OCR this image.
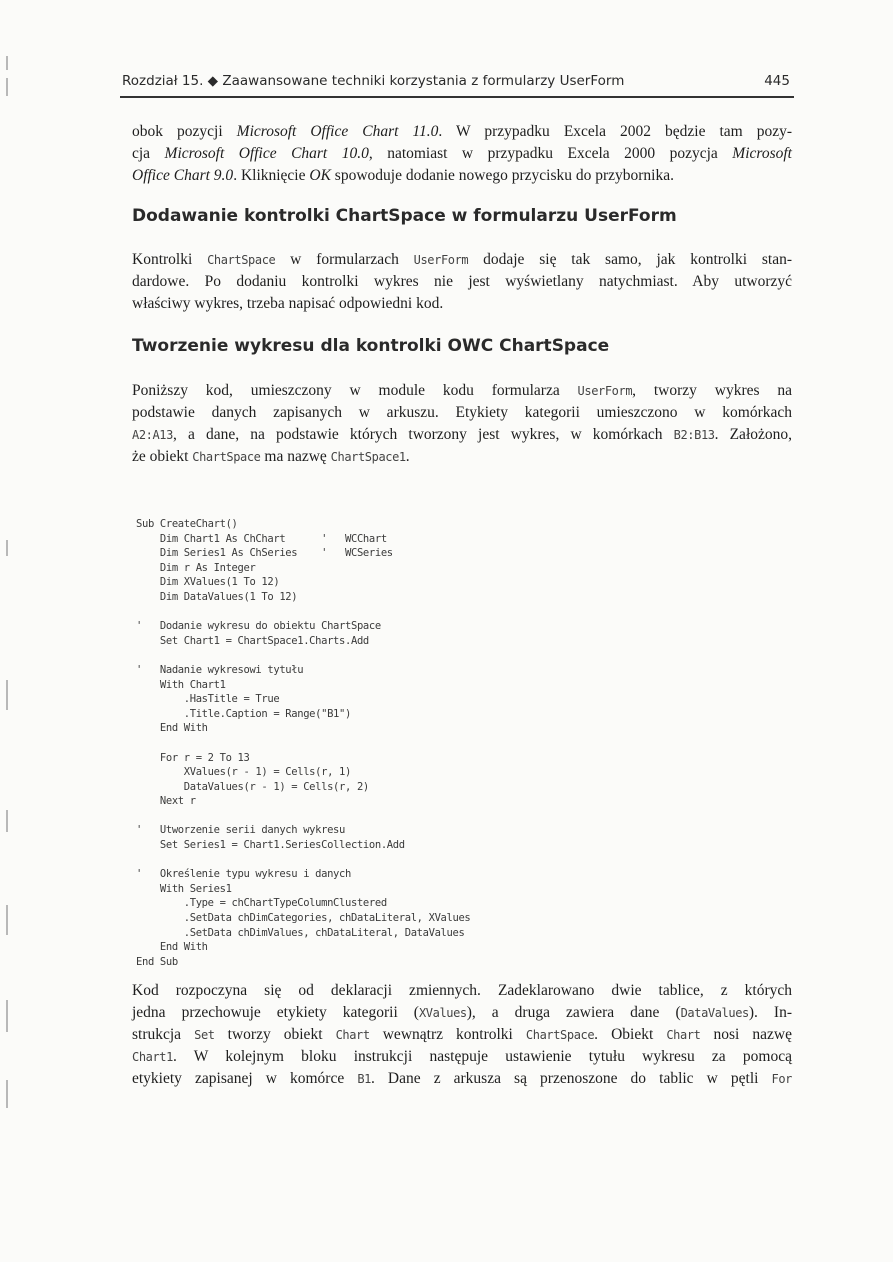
Rozdział 15. ◆ Zaawansowane techniki korzystania z formularzy UserForm	445

obok pozycji Microsoft Office Chart 11.0. W przypadku Excela 2002 będzie tam pozy-
cja Microsoft Office Chart 10.0, natomiast w przypadku Excela 2000 pozycja Microsoft
Office Chart 9.0. Kliknięcie OK spowoduje dodanie nowego przycisku do przybornika.

Dodawanie kontrolki ChartSpace w formularzu UserForm

Kontrolki ChartSpace w formularzach UserForm dodaje się tak samo, jak kontrolki stan-
dardowe. Po dodaniu kontrolki wykres nie jest wyświetlany natychmiast. Aby utworzyć
właściwy wykres, trzeba napisać odpowiedni kod.

Tworzenie wykresu dla kontrolki OWC ChartSpace

Poniższy kod, umieszczony w module kodu formularza UserForm, tworzy wykres na
podstawie danych zapisanych w arkuszu. Etykiety kategorii umieszczono w komórkach
A2:A13, a dane, na podstawie których tworzony jest wykres, w komórkach B2:B13. Założono,
że obiekt ChartSpace ma nazwę ChartSpace1.

Sub CreateChart()
Dim Chart1 As ChChart      '   WCChart
Dim Series1 As ChSeries    '   WCSeries
Dim r As Integer
Dim XValues(1 To 12)
Dim DataValues(1 To 12)
'   Dodanie wykresu do obiektu ChartSpace
Set Chart1 = ChartSpace1.Charts.Add
'   Nadanie wykresowi tytułu
With Chart1
.HasTitle = True
.Title.Caption = Range("B1")
End With
For r = 2 To 13
XValues(r - 1) = Cells(r, 1)
DataValues(r - 1) = Cells(r, 2)
Next r
'   Utworzenie serii danych wykresu
Set Series1 = Chart1.SeriesCollection.Add
'   Określenie typu wykresu i danych
With Series1
.Type = chChartTypeColumnClustered
.SetData chDimCategories, chDataLiteral, XValues
.SetData chDimValues, chDataLiteral, DataValues
End With
End Sub

Kod rozpoczyna się od deklaracji zmiennych. Zadeklarowano dwie tablice, z których
jedna przechowuje etykiety kategorii (XValues), a druga zawiera dane (DataValues). In-
strukcja Set tworzy obiekt Chart wewnątrz kontrolki ChartSpace. Obiekt Chart nosi nazwę
Chart1. W kolejnym bloku instrukcji następuje ustawienie tytułu wykresu za pomocą
etykiety zapisanej w komórce B1. Dane z arkusza są przenoszone do tablic w pętli For
